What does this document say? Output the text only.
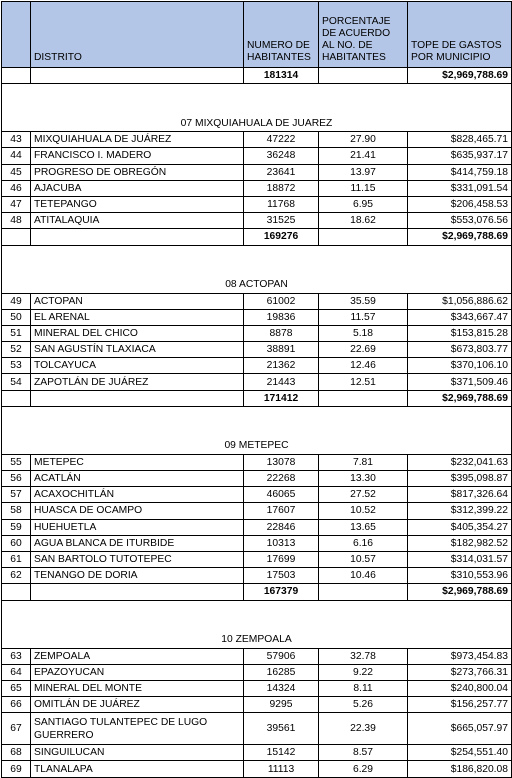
	DISTRITO	NUMERO DE HABITANTES	PORCENTAJE DE ACUERDO AL NO. DE HABITANTES	TOPE DE GASTOS POR MUNICIPIO
		181314		$2,969,788.69

07 MIXQUIAHUALA DE JUAREZ				
43	MIXQUIAHUALA DE JUÁREZ	47222	27.90	$828,465.71
44	FRANCISCO I. MADERO	36248	21.41	$635,937.17
45	PROGRESO DE OBREGÓN	23641	13.97	$414,759.18
46	AJACUBA	18872	11.15	$331,091.54
47	TETEPANGO	11768	6.95	$206,458.53
48	ATITALAQUIA	31525	18.62	$553,076.56
		169276		$2,969,788.69

08 ACTOPAN				
49	ACTOPAN	61002	35.59	$1,056,886.62
50	EL ARENAL	19836	11.57	$343,667.47
51	MINERAL DEL CHICO	8878	5.18	$153,815.28
52	SAN AGUSTÍN TLAXIACA	38891	22.69	$673,803.77
53	TOLCAYUCA	21362	12.46	$370,106.10
54	ZAPOTLÁN DE JUÁREZ	21443	12.51	$371,509.46
		171412		$2,969,788.69

09 METEPEC				
55	METEPEC	13078	7.81	$232,041.63
56	ACATLÁN	22268	13.30	$395,098.87
57	ACAXOCHITLÁN	46065	27.52	$817,326.64
58	HUASCA DE OCAMPO	17607	10.52	$312,399.22
59	HUEHUETLA	22846	13.65	$405,354.27
60	AGUA BLANCA DE ITURBIDE	10313	6.16	$182,982.52
61	SAN BARTOLO TUTOTEPEC	17699	10.57	$314,031.57
62	TENANGO DE DORIA	17503	10.46	$310,553.96
		167379		$2,969,788.69

10 ZEMPOALA				
63	ZEMPOALA	57906	32.78	$973,454.83
64	EPAZOYUCAN	16285	9.22	$273,766.31
65	MINERAL DEL MONTE	14324	8.11	$240,800.04
66	OMITLÁN DE JUÁREZ	9295	5.26	$156,257.77
67	SANTIAGO TULANTEPEC DE LUGO GUERRERO	39561	22.39	$665,057.97
68	SINGUILUCAN	15142	8.57	$254,551.40
69	TLANALAPA	11113	6.29	$186,820.08
